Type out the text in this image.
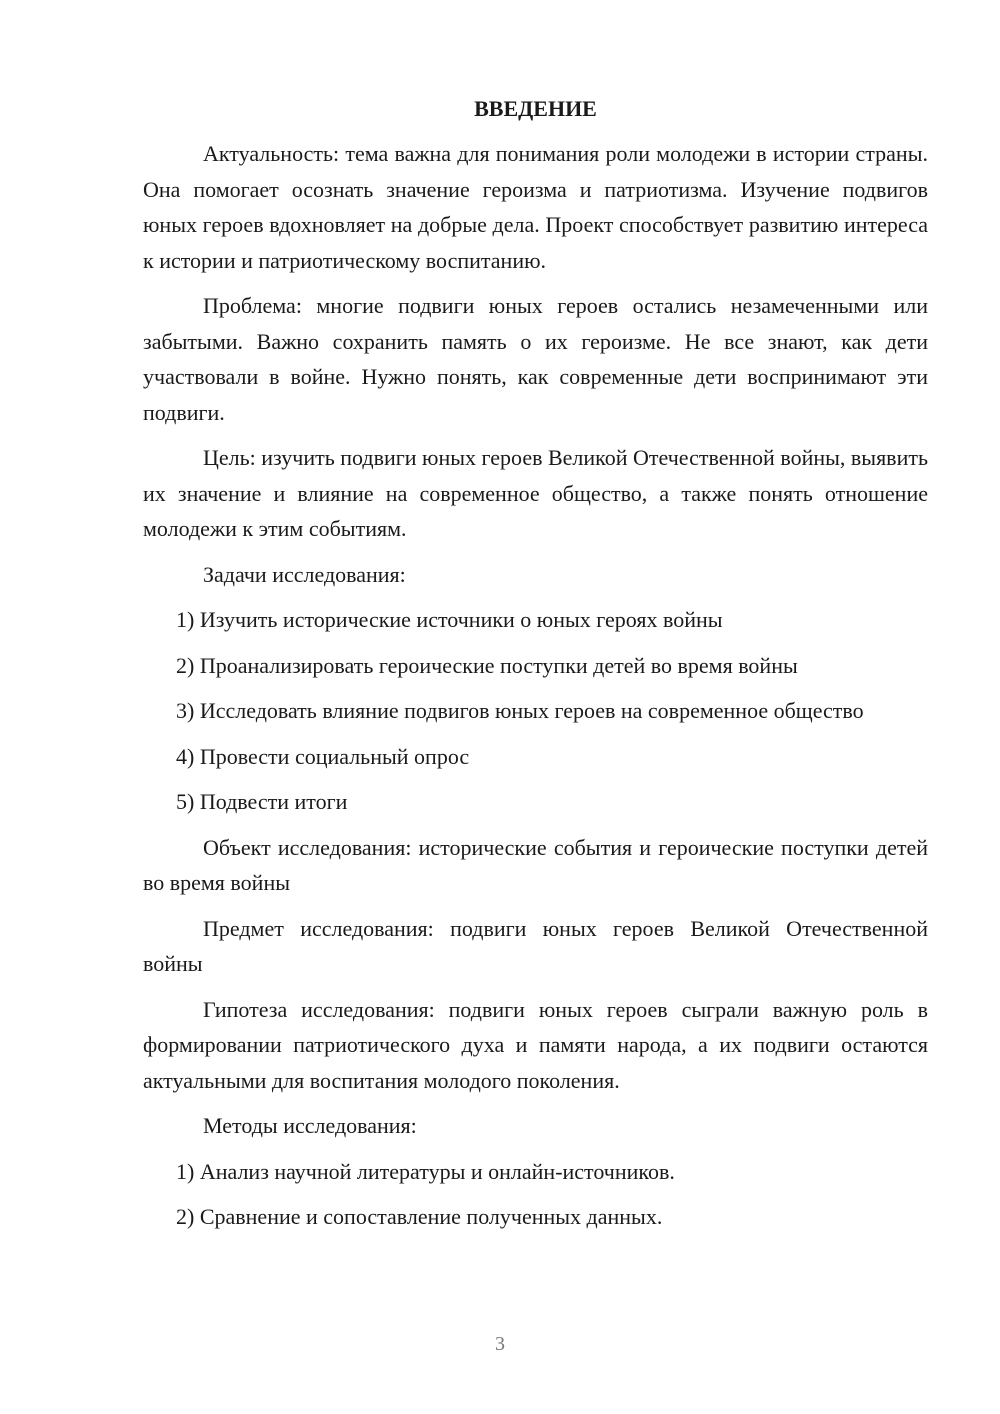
ВВЕДЕНИЕ
Актуальность: тема важна для понимания роли молодежи в истории страны. Она помогает осознать значение героизма и патриотизма. Изучение подвигов юных героев вдохновляет на добрые дела. Проект способствует развитию интереса к истории и патриотическому воспитанию.
Проблема: многие подвиги юных героев остались незамеченными или забытыми. Важно сохранить память о их героизме. Не все знают, как дети участвовали в войне. Нужно понять, как современные дети воспринимают эти подвиги.
Цель: изучить подвиги юных героев Великой Отечественной войны, выявить их значение и влияние на современное общество, а также понять отношение молодежи к этим событиям.
Задачи исследования:
1) Изучить исторические источники о юных героях войны
2) Проанализировать героические поступки детей во время войны
3) Исследовать влияние подвигов юных героев на современное общество
4) Провести социальный опрос
5) Подвести итоги
Объект исследования: исторические события и героические поступки детей во время войны
Предмет исследования: подвиги юных героев Великой Отечественной войны
Гипотеза исследования: подвиги юных героев сыграли важную роль в формировании патриотического духа и памяти народа, а их подвиги остаются актуальными для воспитания молодого поколения.
Методы исследования:
1) Анализ научной литературы и онлайн-источников.
2) Сравнение и сопоставление полученных данных.
3
